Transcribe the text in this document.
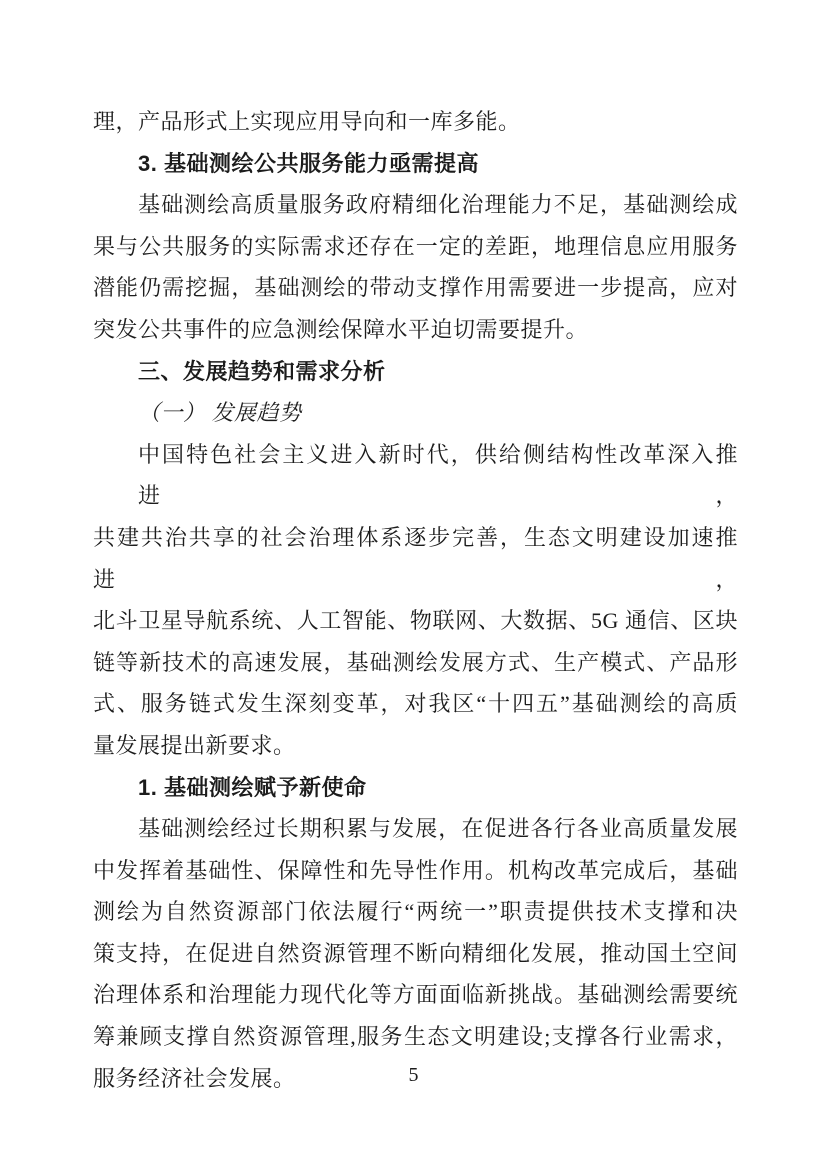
理，产品形式上实现应用导向和一库多能。
3. 基础测绘公共服务能力亟需提高
基础测绘高质量服务政府精细化治理能力不足，基础测绘成
果与公共服务的实际需求还存在一定的差距，地理信息应用服务
潜能仍需挖掘，基础测绘的带动支撑作用需要进一步提高，应对
突发公共事件的应急测绘保障水平迫切需要提升。
三、发展趋势和需求分析
（一） 发展趋势
中国特色社会主义进入新时代，供给侧结构性改革深入推进，
共建共治共享的社会治理体系逐步完善，生态文明建设加速推进，
北斗卫星导航系统、人工智能、物联网、大数据、5G 通信、区块
链等新技术的高速发展，基础测绘发展方式、生产模式、产品形
式、服务链式发生深刻变革，对我区“十四五”基础测绘的高质
量发展提出新要求。
1. 基础测绘赋予新使命
基础测绘经过长期积累与发展，在促进各行各业高质量发展
中发挥着基础性、保障性和先导性作用。机构改革完成后，基础
测绘为自然资源部门依法履行“两统一”职责提供技术支撑和决
策支持，在促进自然资源管理不断向精细化发展，推动国土空间
治理体系和治理能力现代化等方面面临新挑战。基础测绘需要统
筹兼顾支撑自然资源管理,服务生态文明建设;支撑各行业需求，
服务经济社会发展。	5
